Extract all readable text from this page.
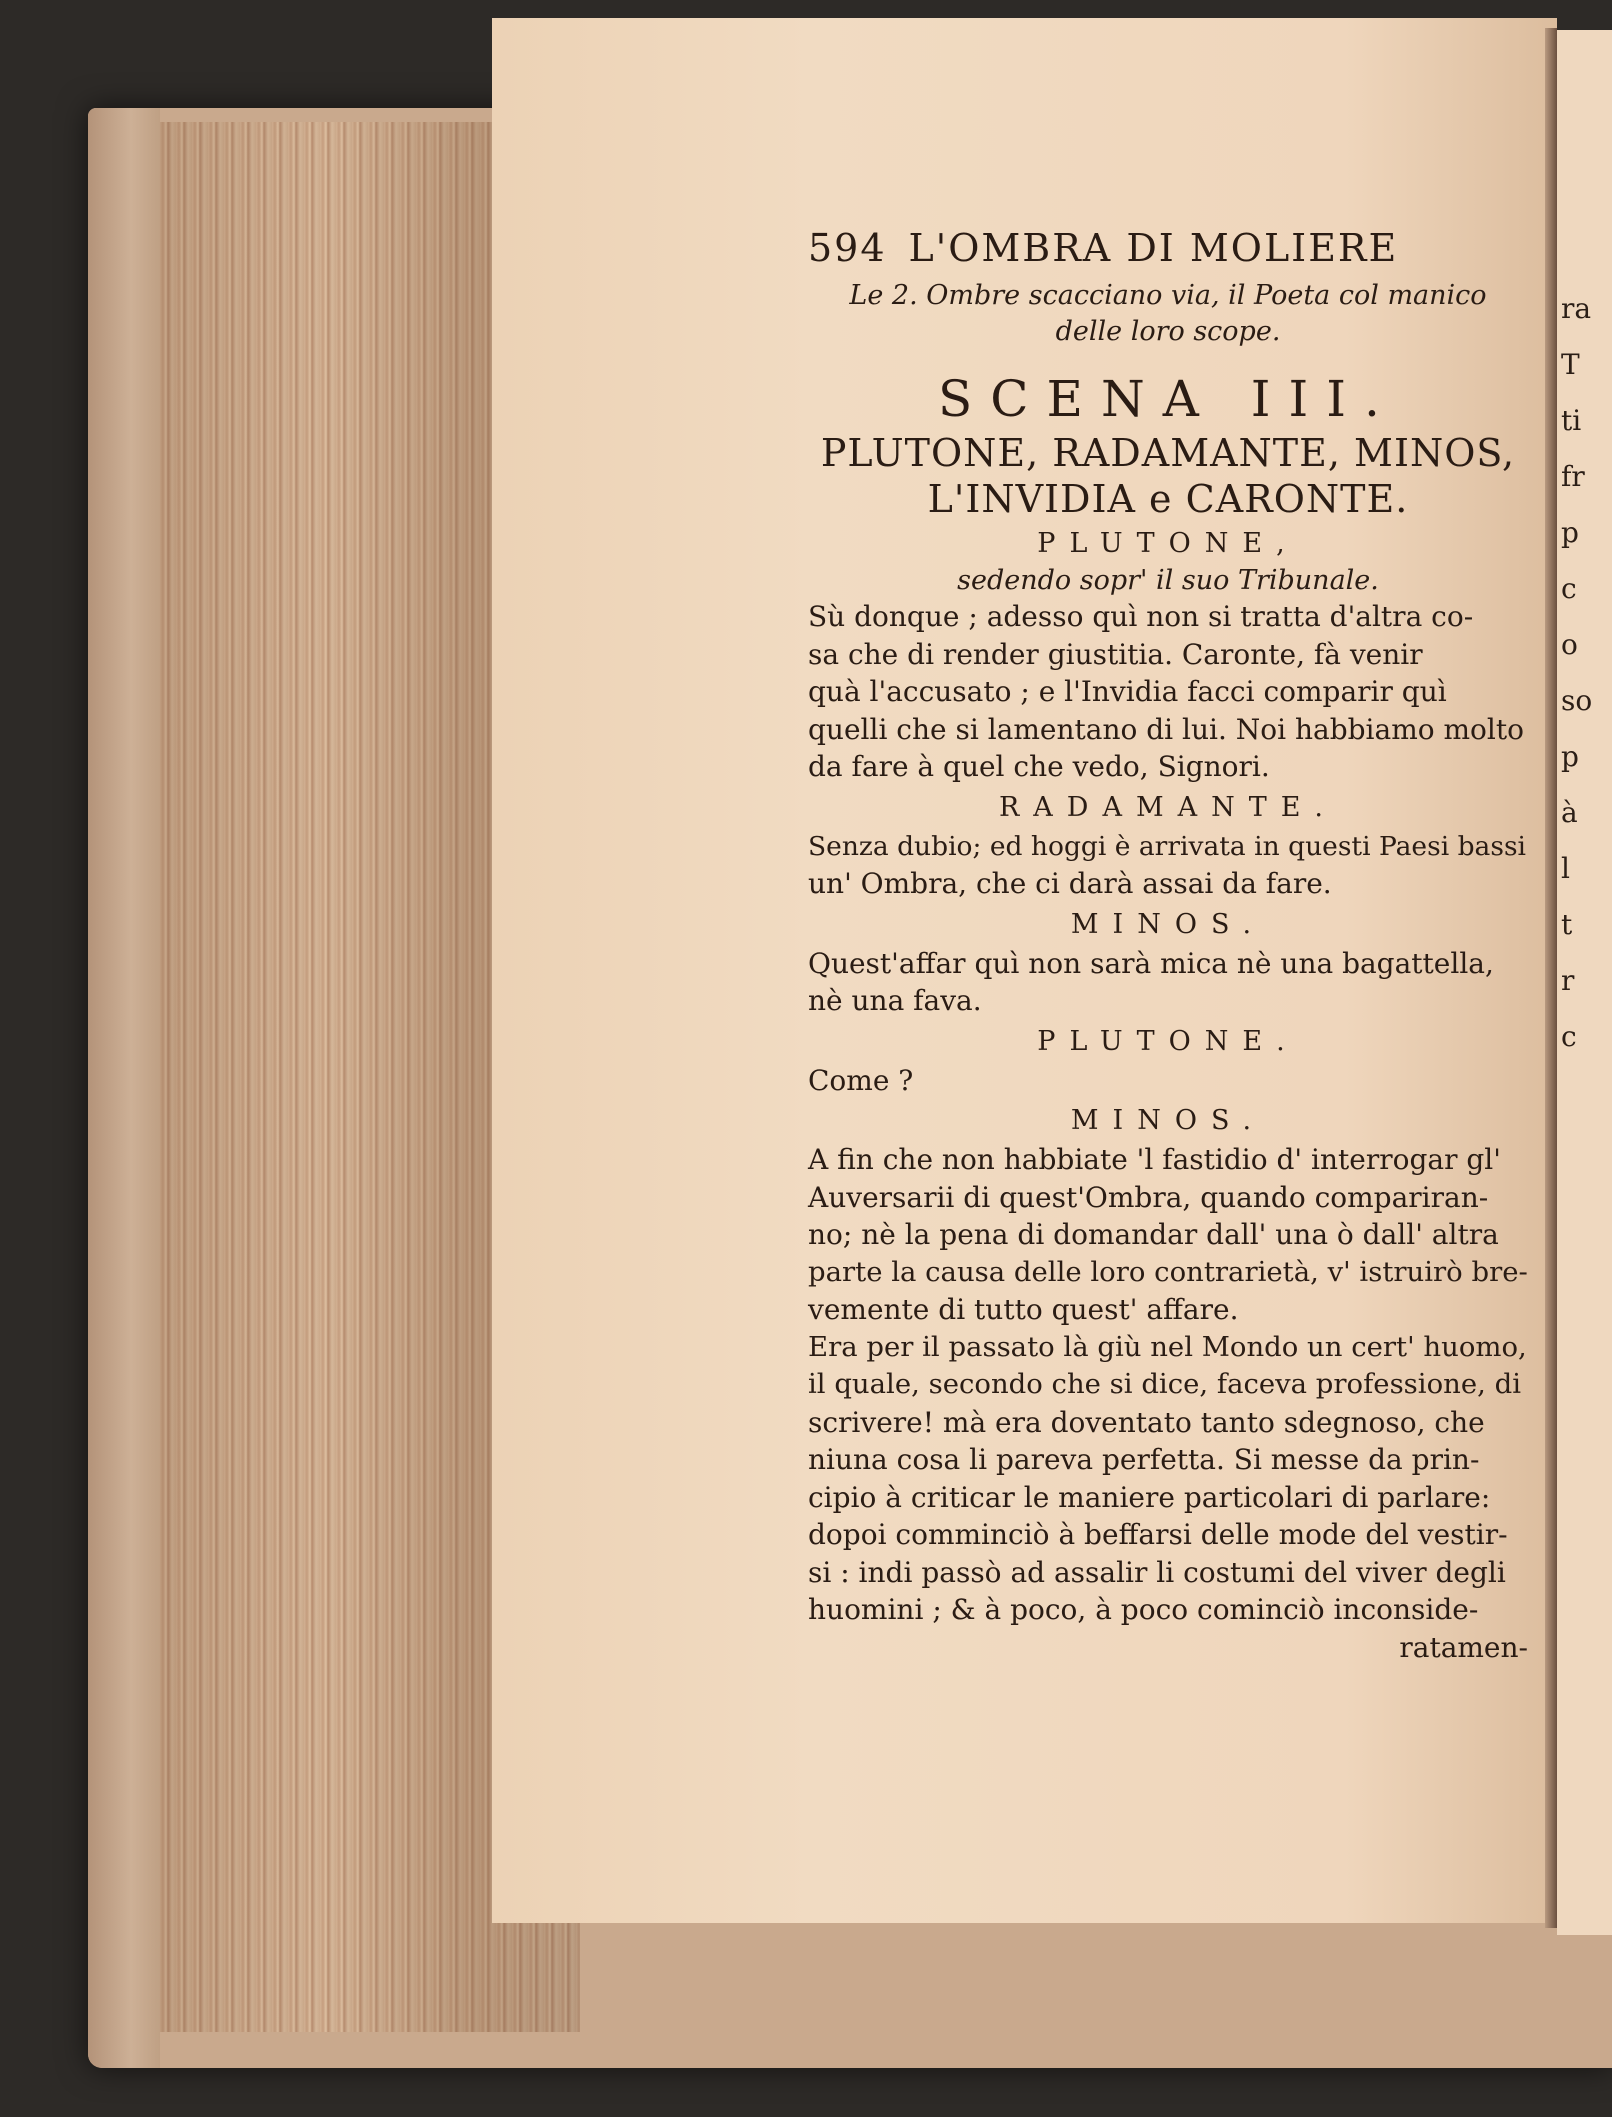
ra
T
ti
fr
p
c
o
so
p
à
l
t
r
c
594 L'OMBRA DI MOLIERE
Le 2. Ombre scacciano via, il Poeta col manico
delle loro scope.
SCENA III.
PLUTONE, RADAMANTE, MINOS,
L'INVIDIA e CARONTE.
PLUTONE,
sedendo sopr' il suo Tribunale.
Sù donque ; adesso quì non si tratta d'altra co-
sa che di render giustitia. Caronte, fà venir
quà l'accusato ; e l'Invidia facci comparir quì
quelli che si lamentano di lui. Noi habbiamo molto
da fare à quel che vedo, Signori.
RADAMANTE.
Senza dubio; ed hoggi è arrivata in questi Paesi bassi
un' Ombra, che ci darà assai da fare.
MINOS.
Quest'affar quì non sarà mica nè una bagattella,
nè una fava.
PLUTONE.
Come ?
MINOS.
A fin che non habbiate 'l fastidio d' interrogar gl'
Auversarii di quest'Ombra, quando compariran-
no; nè la pena di domandar dall' una ò dall' altra
parte la causa delle loro contrarietà, v' istruirò bre-
vemente di tutto quest' affare.
Era per il passato là giù nel Mondo un cert' huomo,
il quale, secondo che si dice, faceva professione, di
scrivere! mà era doventato tanto sdegnoso, che
niuna cosa li pareva perfetta. Si messe da prin-
cipio à criticar le maniere particolari di parlare:
dopoi comminciò à beffarsi delle mode del vestir-
si : indi passò ad assalir li costumi del viver degli
huomini ; & à poco, à poco cominciò inconside-
ratamen-
